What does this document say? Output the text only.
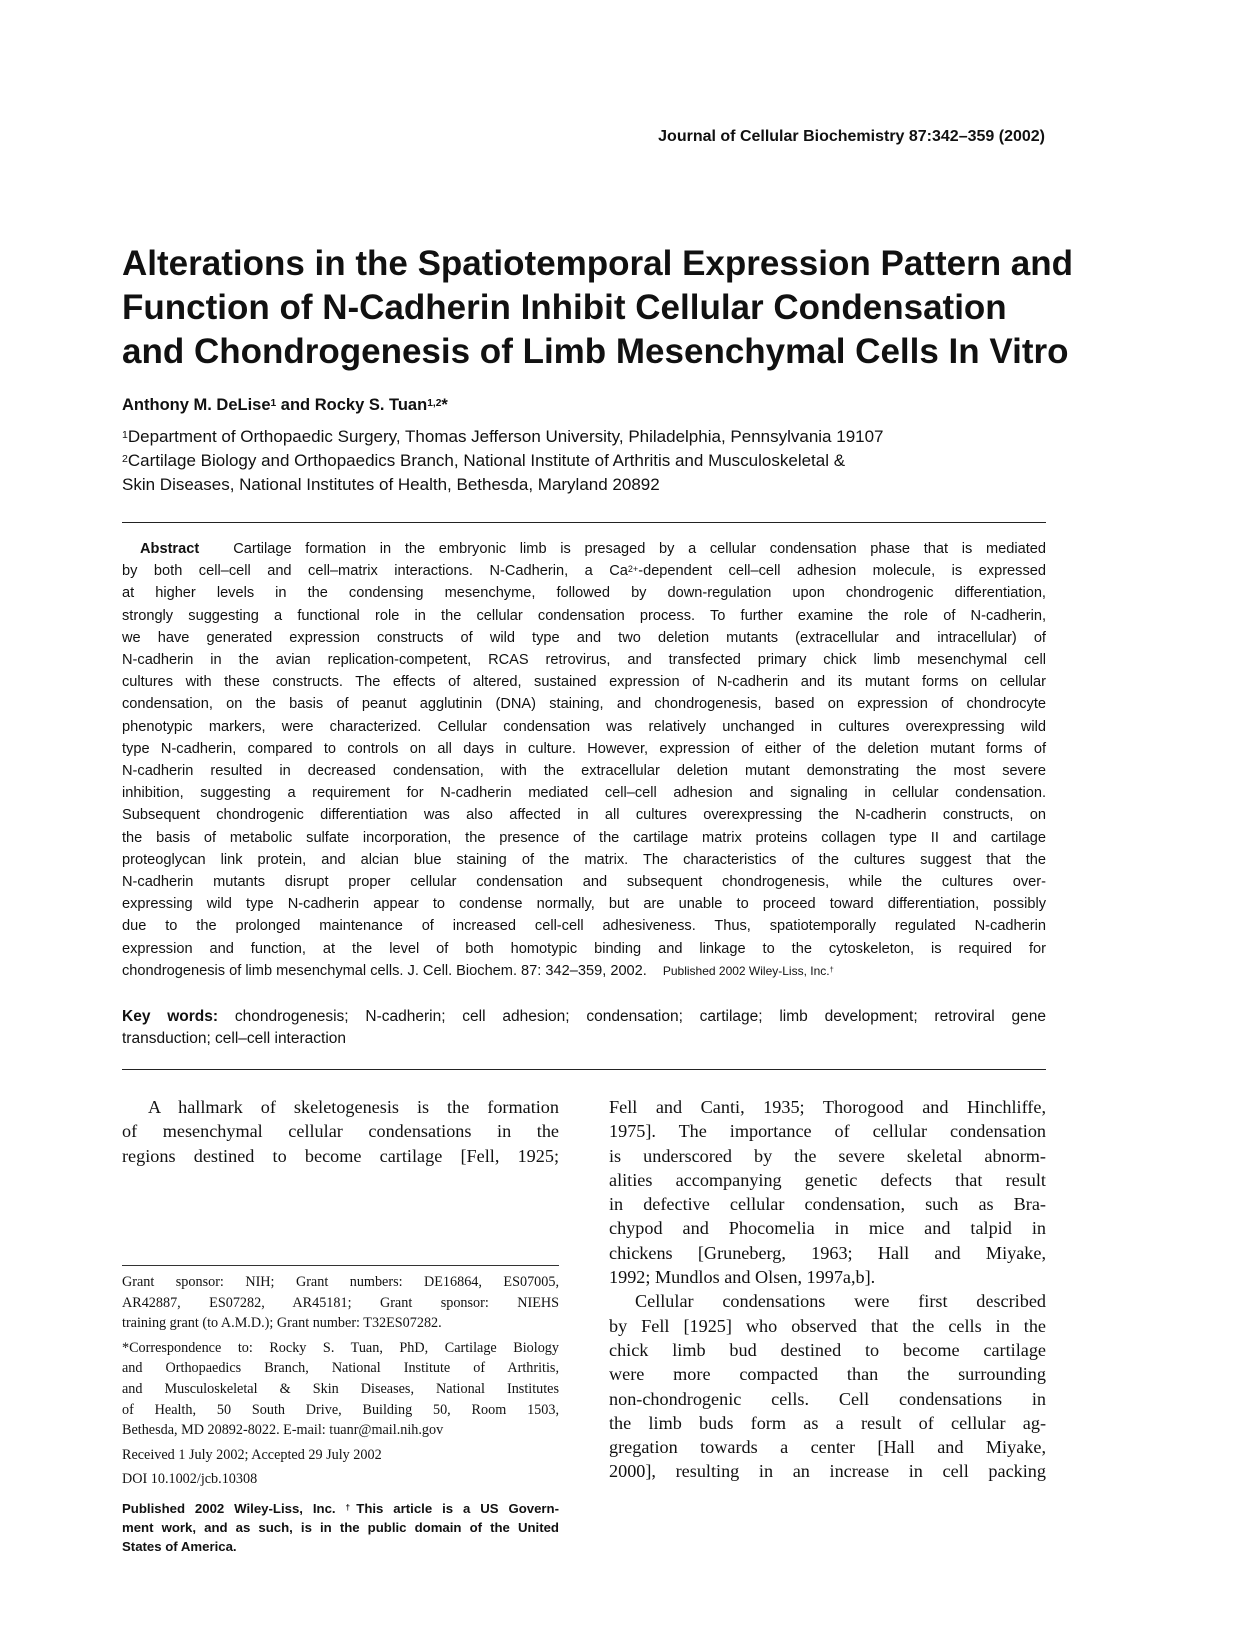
Journal of Cellular Biochemistry 87:342–359 (2002)
Alterations in the Spatiotemporal Expression Pattern and
Function of N-Cadherin Inhibit Cellular Condensation
and Chondrogenesis of Limb Mesenchymal Cells In Vitro
Anthony M. DeLise$^1$ and Rocky S. Tuan$^{1,2}$*
$^1$Department of Orthopaedic Surgery, Thomas Jefferson University, Philadelphia, Pennsylvania 19107
$^2$Cartilage Biology and Orthopaedics Branch, National Institute of Arthritis and Musculoskeletal &
Skin Diseases, National Institutes of Health, Bethesda, Maryland 20892
Abstract Cartilage formation in the embryonic limb is presaged by a cellular condensation phase that is mediated
by both cell–cell and cell–matrix interactions. N-Cadherin, a $Ca^{2+}$-dependent cell–cell adhesion molecule, is expressed
at higher levels in the condensing mesenchyme, followed by down-regulation upon chondrogenic differentiation,
strongly suggesting a functional role in the cellular condensation process. To further examine the role of N-cadherin,
we have generated expression constructs of wild type and two deletion mutants (extracellular and intracellular) of
N-cadherin in the avian replication-competent, RCAS retrovirus, and transfected primary chick limb mesenchymal cell
cultures with these constructs. The effects of altered, sustained expression of N-cadherin and its mutant forms on cellular
condensation, on the basis of peanut agglutinin (DNA) staining, and chondrogenesis, based on expression of chondrocyte
phenotypic markers, were characterized. Cellular condensation was relatively unchanged in cultures overexpressing wild
type N-cadherin, compared to controls on all days in culture. However, expression of either of the deletion mutant forms of
N-cadherin resulted in decreased condensation, with the extracellular deletion mutant demonstrating the most severe
inhibition, suggesting a requirement for N-cadherin mediated cell–cell adhesion and signaling in cellular condensation.
Subsequent chondrogenic differentiation was also affected in all cultures overexpressing the N-cadherin constructs, on
the basis of metabolic sulfate incorporation, the presence of the cartilage matrix proteins collagen type II and cartilage
proteoglycan link protein, and alcian blue staining of the matrix. The characteristics of the cultures suggest that the
N-cadherin mutants disrupt proper cellular condensation and subsequent chondrogenesis, while the cultures over-
expressing wild type N-cadherin appear to condense normally, but are unable to proceed toward differentiation, possibly
due to the prolonged maintenance of increased cell-cell adhesiveness. Thus, spatiotemporally regulated N-cadherin
expression and function, at the level of both homotypic binding and linkage to the cytoskeleton, is required for
chondrogenesis of limb mesenchymal cells. J. Cell. Biochem. 87: 342–359, 2002. Published 2002 Wiley-Liss, Inc.†
Key words: chondrogenesis; N-cadherin; cell adhesion; condensation; cartilage; limb development; retroviral gene
transduction; cell–cell interaction
A hallmark of skeletogenesis is the formation
of mesenchymal cellular condensations in the
regions destined to become cartilage [Fell, 1925;
Fell and Canti, 1935; Thorogood and Hinchliffe,
1975]. The importance of cellular condensation
is underscored by the severe skeletal abnorm-
alities accompanying genetic defects that result
in defective cellular condensation, such as Bra-
chypod and Phocomelia in mice and talpid in
chickens [Gruneberg, 1963; Hall and Miyake,
1992; Mundlos and Olsen, 1997a,b].
Cellular condensations were first described
by Fell [1925] who observed that the cells in the
chick limb bud destined to become cartilage
were more compacted than the surrounding
non-chondrogenic cells. Cell condensations in
the limb buds form as a result of cellular ag-
gregation towards a center [Hall and Miyake,
2000], resulting in an increase in cell packing
Grant sponsor: NIH; Grant numbers: DE16864, ES07005,
AR42887, ES07282, AR45181; Grant sponsor: NIEHS
training grant (to A.M.D.); Grant number: T32ES07282.
*Correspondence to: Rocky S. Tuan, PhD, Cartilage Biology
and Orthopaedics Branch, National Institute of Arthritis,
and Musculoskeletal & Skin Diseases, National Institutes
of Health, 50 South Drive, Building 50, Room 1503,
Bethesda, MD 20892-8022. E-mail: tuanr@mail.nih.gov
Received 1 July 2002; Accepted 29 July 2002
DOI 10.1002/jcb.10308
Published 2002 Wiley-Liss, Inc. †This article is a US Govern-
ment work, and as such, is in the public domain of the United
States of America.
